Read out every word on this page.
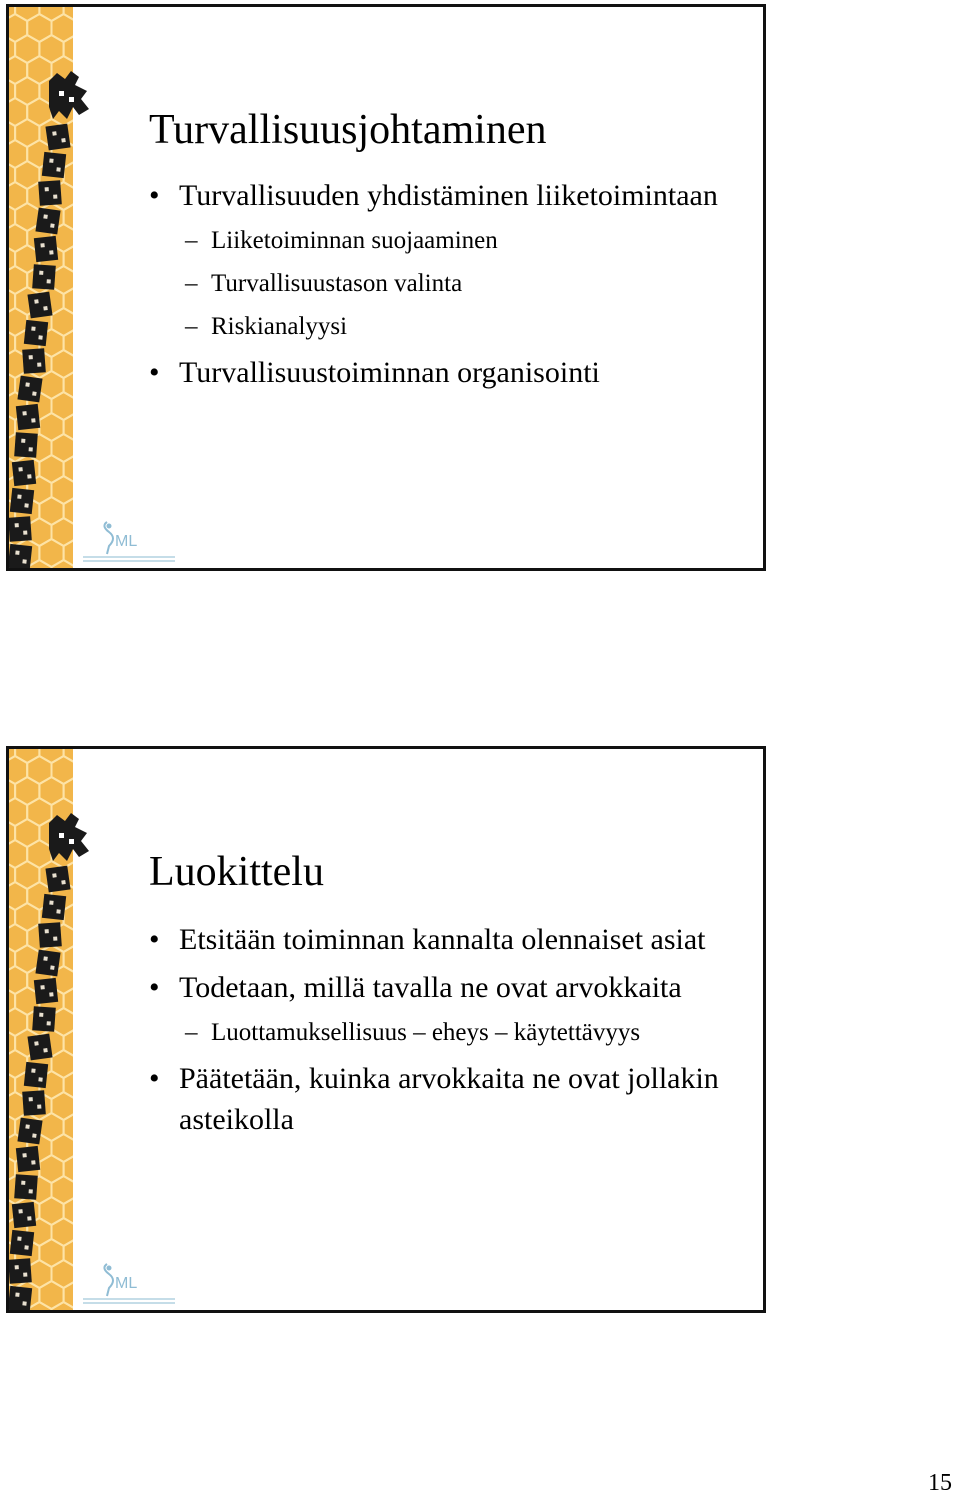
ML
Turvallisuusjohtaminen
• Turvallisuuden yhdistäminen liiketoimintaan
– Liiketoiminnan suojaaminen
– Turvallisuustason valinta
– Riskianalyysi
• Turvallisuustoiminnan organisointi
ML
Luokittelu
• Etsitään toiminnan kannalta olennaiset asiat
• Todetaan, millä tavalla ne ovat arvokkaita
– Luottamuksellisuus – eheys – käytettävyys
• Päätetään, kuinka arvokkaita ne ovat jollakin asteikolla
15
